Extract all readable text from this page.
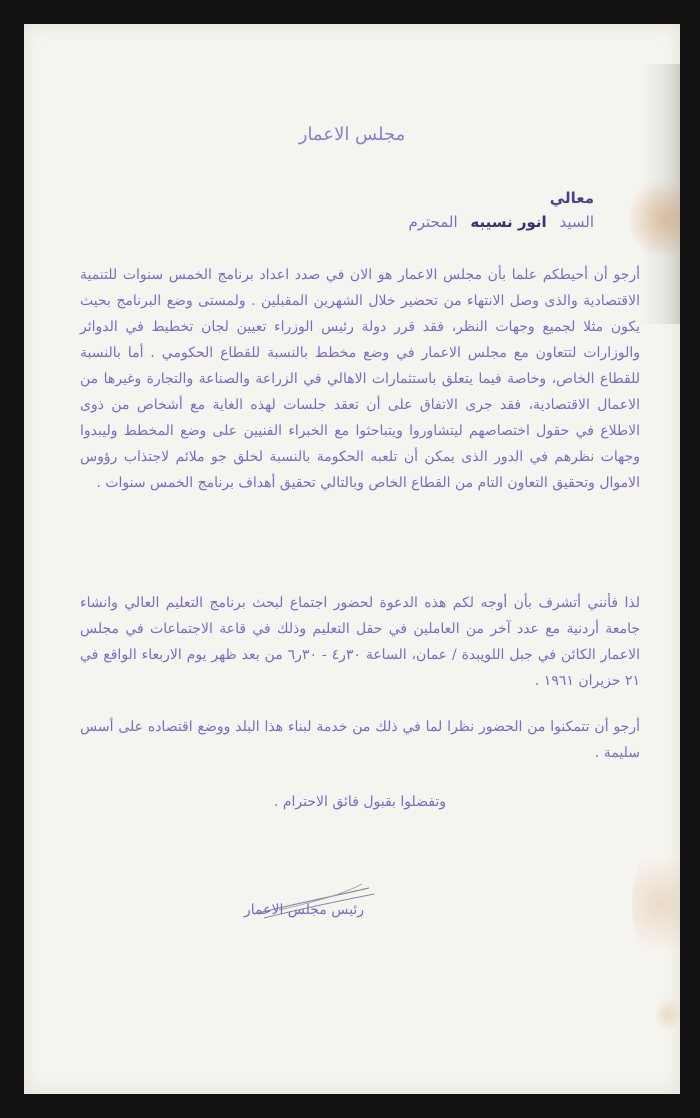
مجلس الاعمار
معالي
السيد انور نسيبه المحترم
أرجو أن أحيطكم علما بأن مجلس الاعمار هو الان في صدد اعداد برنامج الخمس سنوات للتنمية الاقتصادية والذى وصل الانتهاء من تحضير خلال الشهرين المقبلين . ولمستى وضع البرنامج بحيث يكون مثلا لجميع وجهات النظر، فقد قرر دولة رئيس الوزراء تعيين لجان تخطيط في الدوائر والوزارات لتتعاون مع مجلس الاعمار في وضع مخطط بالنسبة للقطاع الحكومي . أما بالنسبة للقطاع الخاص، وخاصة فيما يتعلق باستثمارات الاهالي في الزراعة والصناعة والتجارة وغيرها من الاعمال الاقتصادية، فقد جرى الاتفاق على أن تعقد جلسات لهذه الغاية مع أشخاص من ذوى الاطلاع في حقول اختصاصهم ليتشاوروا ويتباحثوا مع الخبراء الفنيين على وضع المخطط وليبدوا وجهات نظرهم في الدور الذى يمكن أن تلعبه الحكومة بالنسبة لخلق جو ملائم لاجتذاب رؤوس الاموال وتحقيق التعاون التام من القطاع الخاص وبالتالي تحقيق أهداف برنامج الخمس سنوات .
لذا فأنني أتشرف بأن أوجه لكم هذه الدعوة لحضور اجتماع لبحث برنامج التعليم العالي وانشاء جامعة أردنية مع عدد آخر من العاملين في حقل التعليم وذلك في قاعة الاجتماعات في مجلس الاعمار الكائن في جبل اللويبدة / عمان، الساعة ٣٠ر٤ - ٣٠ر٦ من بعد ظهر يوم الاربعاء الواقع في ٢١ حزيران ١٩٦١ .
أرجو أن تتمكنوا من الحضور نظرا لما في ذلك من خدمة لبناء هذا البلد ووضع اقتصاده على أسس سليمة .
وتفضلوا بقبول فائق الاحترام .
رئيس مجلس الاعمار
